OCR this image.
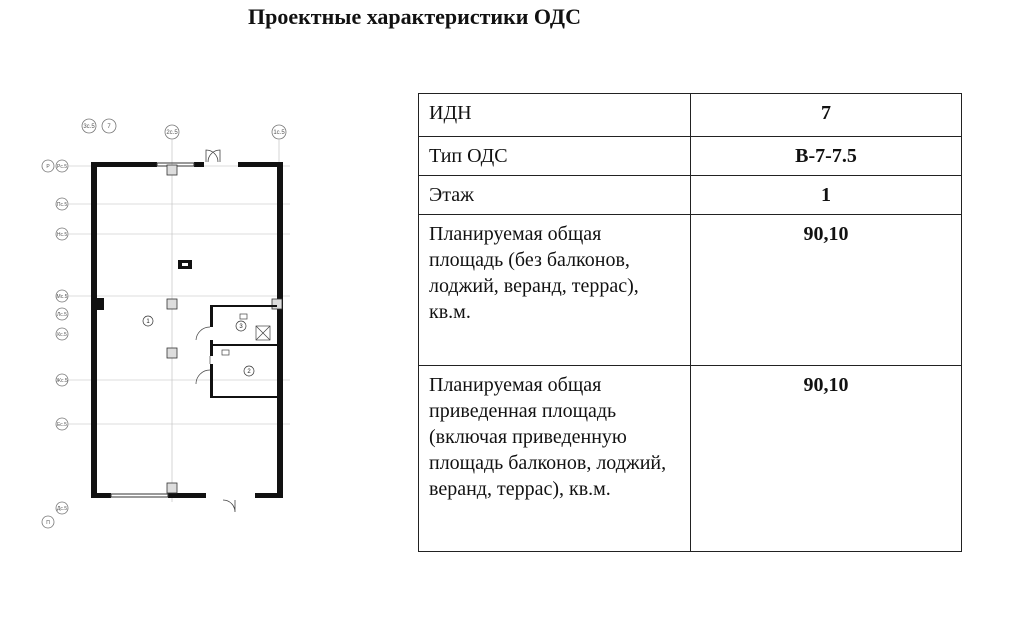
Проектные характеристики ОДС
3с.5 7
2с.5	1с.5
Р Рс.5
Пс.5
Нс.5
Мс.5
Лс.5
Кс.5
Жс.5
Ес.5
Дс.5
П
1
3
2
ИДН	7
Тип ОДС	В-7-7.5
Этаж	1
Планируемая общая площадь (без балконов, лоджий, веранд, террас), кв.м.	90,10
Планируемая общая приведенная площадь (включая приведенную площадь балконов, лоджий, веранд, террас), кв.м.	90,10
